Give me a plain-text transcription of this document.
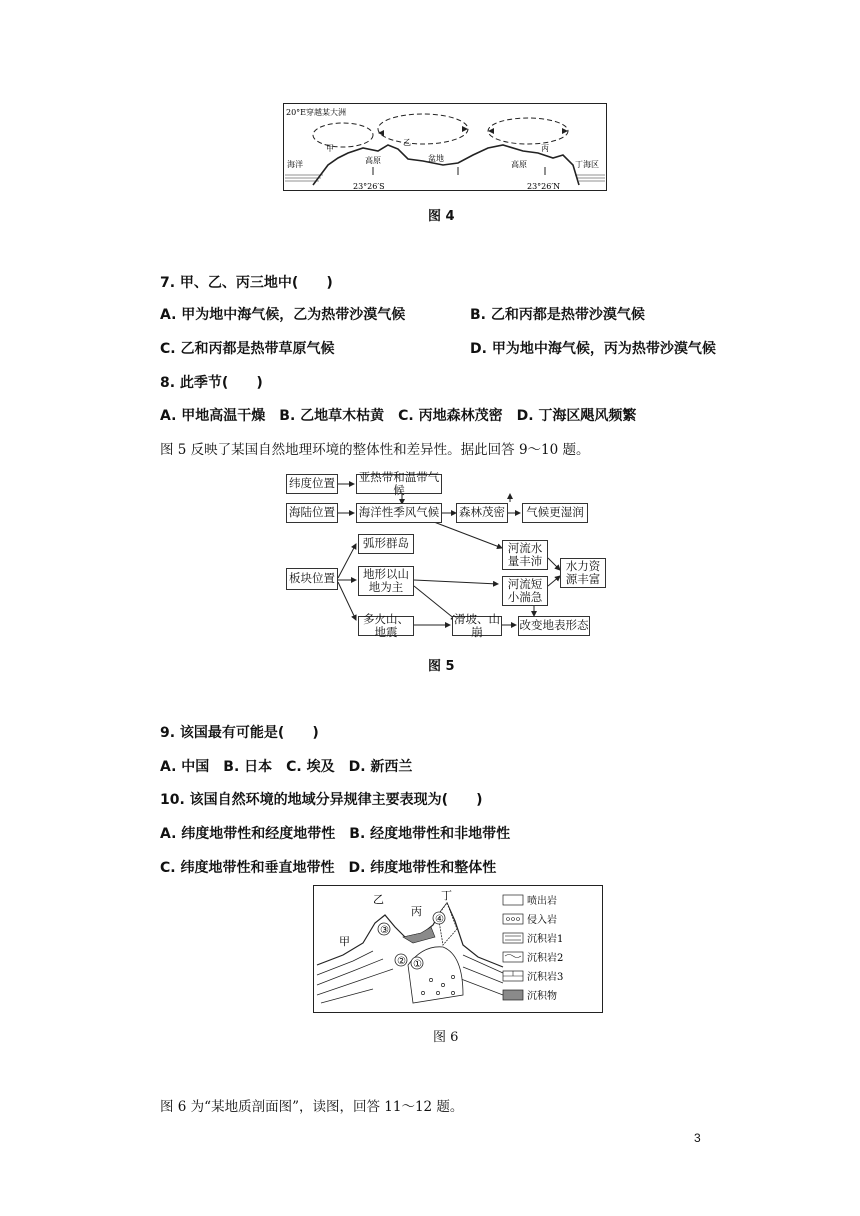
20°E穿越某大洲
甲
乙
丙
海洋	高原	盆地
高原	丁海区
23°26′S	23°26′N
图 4
7. 甲、乙、丙三地中(　　)
A. 甲为地中海气候，乙为热带沙漠气候	B. 乙和丙都是热带沙漠气候
C. 乙和丙都是热带草原气候	D. 甲为地中海气候，丙为热带沙漠气候
8. 此季节(　　)
A. 甲地高温干燥　B. 乙地草木枯黄　C. 丙地森林茂密　D. 丁海区飓风频繁
图 5 反映了某国自然地理环境的整体性和差异性。据此回答 9～10 题。
纬度位置 亚热带和温带气候
海陆位置 海洋性季风气候 森林茂密	气候更湿润
弧形群岛
板块位置	地形以山地为主
河流水量丰沛
河流短小湍急
水力资源丰富
多火山、地震
滑坡、山崩	改变地表形态
图 5
9. 该国最有可能是(　　)
A. 中国　B. 日本　C. 埃及　D. 新西兰
10. 该国自然环境的地域分异规律主要表现为(　　)
A. 纬度地带性和经度地带性　B. 经度地带性和非地带性
C. 纬度地带性和垂直地带性　D. 纬度地带性和整体性
③
④
② ①
甲
乙
丙
丁	喷出岩
侵入岩
沉积岩1
沉积岩2
沉积岩3
沉积物
图 6
图 6 为“某地质剖面图”，读图，回答 11～12 题。
3
